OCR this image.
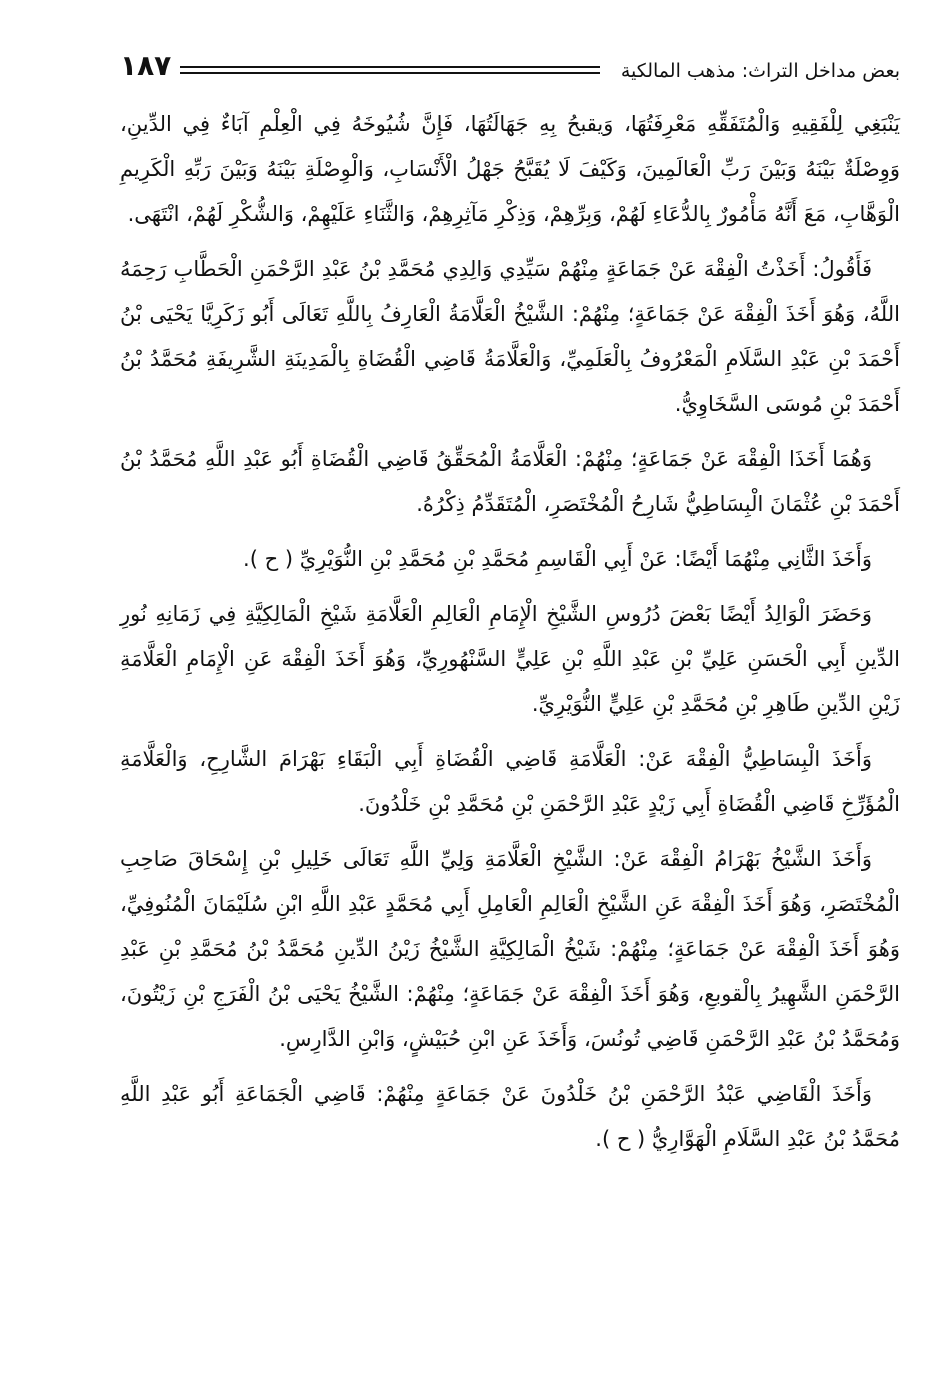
بعض مداخل التراث: مذهب المالكية
١٨٧

يَنْبَغِي لِلْفَقِيهِ وَالْمُتَفَقِّهِ مَعْرِفَتُهَا، وَيقبحُ بِهِ جَهَالَتُهَا، فَإِنَّ شُيُوخَهُ فِي الْعِلْمِ آبَاءٌ فِي الدِّينِ، وَوِصْلَةٌ بَيْنَهُ وَبَيْنَ رَبِّ الْعَالَمِينَ، وَكَيْفَ لَا يُقَبَّحُ جَهْلُ الْأَنْسَابِ، وَالْوِصْلَةِ بَيْنَهُ وَبَيْنَ رَبِّهِ الْكَرِيمِ الْوَهَّابِ، مَعَ أَنَّهُ مَأْمُورٌ بِالدُّعَاءِ لَهُمْ، وَبِرِّهِمْ، وَذِكْرِ مَآثِرِهِمْ، وَالثَّنَاءِ عَلَيْهِمْ، وَالشُّكْرِ لَهُمْ، انْتَهَى.

فَأَقُولُ: أَخَذْتُ الْفِقْهَ عَنْ جَمَاعَةٍ مِنْهُمْ سَيِّدِي وَالِدِي مُحَمَّدِ بْنُ عَبْدِ الرَّحْمَنِ الْحَطَّابِ رَحِمَهُ اللَّهُ، وَهُوَ أَخَذَ الْفِقْهَ عَنْ جَمَاعَةٍ؛ مِنْهُمْ: الشَّيْخُ الْعَلَّامَةُ الْعَارِفُ بِاللَّهِ تَعَالَى أَبُو زَكَرِيَّا يَحْيَى بْنُ أَحْمَدَ بْنِ عَبْدِ السَّلَامِ الْمَعْرُوفُ بِالْعَلَمِيِّ، وَالْعَلَّامَةُ قَاضِي الْقُضَاةِ بِالْمَدِينَةِ الشَّرِيفَةِ مُحَمَّدُ بْنُ أَحْمَدَ بْنِ مُوسَى السَّخَاوِيُّ.

وَهُمَا أَخَذَا الْفِقْهَ عَنْ جَمَاعَةٍ؛ مِنْهُمْ: الْعَلَّامَةُ الْمُحَقِّقُ قَاضِي الْقُضَاةِ أَبُو عَبْدِ اللَّهِ مُحَمَّدُ بْنُ أَحْمَدَ بْنِ عُثْمَانَ الْبِسَاطِيُّ شَارِحُ الْمُخْتَصَرِ، الْمُتَقَدِّمُ ذِكْرُهُ.

وَأَخَذَ الثَّانِي مِنْهُمَا أَيْضًا: عَنْ أَبِي الْقَاسِمِ مُحَمَّدِ بْنِ مُحَمَّدِ بْنِ النُّوَيْرِيِّ ( ح ).

وَحَضَرَ الْوَالِدُ أَيْضًا بَعْضَ دُرُوسِ الشَّيْخِ الْإِمَامِ الْعَالِمِ الْعَلَّامَةِ شَيْخِ الْمَالِكِيَّةِ فِي زَمَانِهِ نُورِ الدِّينِ أَبِي الْحَسَنِ عَلِيِّ بْنِ عَبْدِ اللَّهِ بْنِ عَلِيٍّ السَّنْهُورِيِّ، وَهُوَ أَخَذَ الْفِقْهَ عَنِ الْإِمَامِ الْعَلَّامَةِ زَيْنِ الدِّينِ طَاهِرِ بْنِ مُحَمَّدِ بْنِ عَلِيٍّ النُّوَيْرِيِّ.

وَأَخَذَ الْبِسَاطِيُّ الْفِقْهَ عَنْ: الْعَلَّامَةِ قَاضِي الْقُضَاةِ أَبِي الْبَقَاءِ بَهْرَامَ الشَّارِحِ، وَالْعَلَّامَةِ الْمُؤَرِّخِ قَاضِي الْقُضَاةِ أَبِي زَيْدٍ عَبْدِ الرَّحْمَنِ بْنِ مُحَمَّدِ بْنِ خَلْدُونَ.

وَأَخَذَ الشَّيْخُ بَهْرَامُ الْفِقْهَ عَنْ: الشَّيْخِ الْعَلَّامَةِ وَلِيِّ اللَّهِ تَعَالَى خَلِيلِ بْنِ إِسْحَاقَ صَاحِبِ الْمُخْتَصَرِ، وَهُوَ أَخَذَ الْفِقْهَ عَنِ الشَّيْخِ الْعَالِمِ الْعَامِلِ أَبِي مُحَمَّدٍ عَبْدِ اللَّهِ ابْنِ سُلَيْمَانَ الْمُنُوفِيِّ، وَهُوَ أَخَذَ الْفِقْهَ عَنْ جَمَاعَةٍ؛ مِنْهُمْ: شَيْخُ الْمَالِكِيَّةِ الشَّيْخُ زَيْنُ الدِّينِ مُحَمَّدُ بْنُ مُحَمَّدِ بْنِ عَبْدِ الرَّحْمَنِ الشَّهِيرُ بِالْقوبعِ، وَهُوَ أَخَذَ الْفِقْهَ عَنْ جَمَاعَةٍ؛ مِنْهُمْ: الشَّيْخُ يَحْيَى بْنُ الْفَرَجِ بْنِ زَيْتُونَ، وَمُحَمَّدُ بْنُ عَبْدِ الرَّحْمَنِ قَاضِي تُونُسَ، وَأَخَذَ عَنِ ابْنِ حُبَيْشٍ، وَابْنِ الدَّارِسِ.

وَأَخَذَ الْقَاضِي عَبْدُ الرَّحْمَنِ بْنُ خَلْدُونَ عَنْ جَمَاعَةٍ مِنْهُمْ: قَاضِي الْجَمَاعَةِ أَبُو عَبْدِ اللَّهِ مُحَمَّدُ بْنُ عَبْدِ السَّلَامِ الْهَوَّارِيُّ ( ح ).
